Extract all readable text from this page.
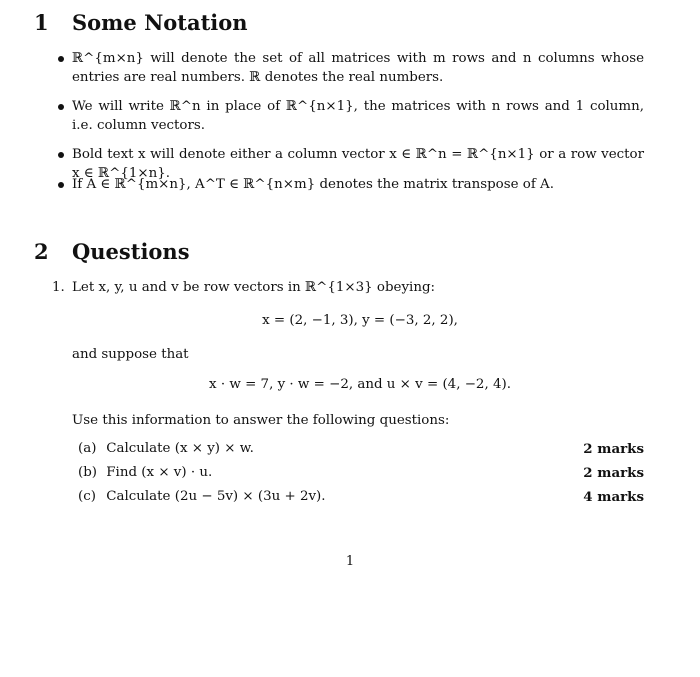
1 Some Notation
ℝ^{m×n} will denote the set of all matrices with m rows and n columns whose entries are real numbers. ℝ denotes the real numbers.
We will write ℝ^n in place of ℝ^{n×1}, the matrices with n rows and 1 column, i.e. column vectors.
Bold text x will denote either a column vector x ∈ ℝ^n = ℝ^{n×1} or a row vector x ∈ ℝ^{1×n}.
If A ∈ ℝ^{m×n}, A^T ∈ ℝ^{n×m} denotes the matrix transpose of A.
2 Questions
1. Let x, y, u and v be row vectors in ℝ^{1×3} obeying:
x = (2, −1, 3), y = (−3, 2, 2),
and suppose that
x · w = 7, y · w = −2, and u × v = (4, −2, 4).
Use this information to answer the following questions:
(a) Calculate (x × y) × w.	2 marks
(b) Find (x × v) · u.	2 marks
(c) Calculate (2u − 5v) × (3u + 2v).	4 marks
1
